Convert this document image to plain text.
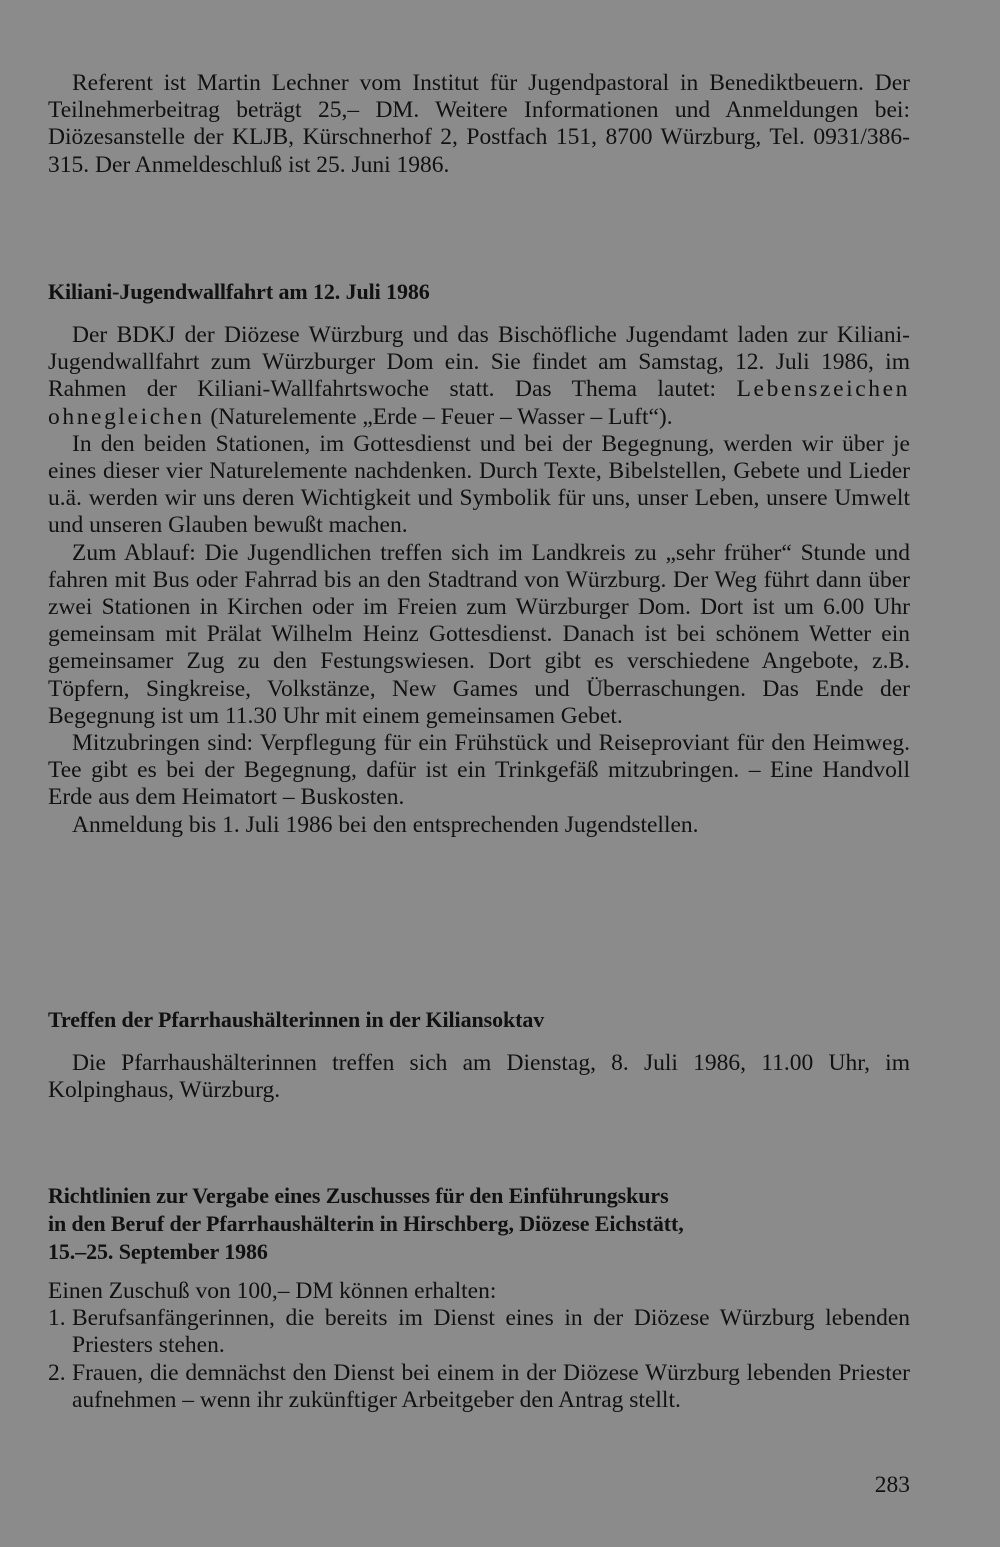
Referent ist Martin Lechner vom Institut für Jugendpastoral in Benediktbeuern. Der Teilnehmerbeitrag beträgt 25,– DM. Weitere Informationen und Anmeldungen bei: Diözesanstelle der KLJB, Kürschnerhof 2, Postfach 151, 8700 Würzburg, Tel. 0931/386-315. Der Anmeldeschluß ist 25. Juni 1986.

Kiliani-Jugendwallfahrt am 12. Juli 1986

Der BDKJ der Diözese Würzburg und das Bischöfliche Jugendamt laden zur Kiliani-Jugendwallfahrt zum Würzburger Dom ein. Sie findet am Samstag, 12. Juli 1986, im Rahmen der Kiliani-Wallfahrtswoche statt. Das Thema lautet: Lebenszeichen ohnegleichen (Naturelemente „Erde – Feuer – Wasser – Luft“).

In den beiden Stationen, im Gottesdienst und bei der Begegnung, werden wir über je eines dieser vier Naturelemente nachdenken. Durch Texte, Bibelstellen, Gebete und Lieder u.ä. werden wir uns deren Wichtigkeit und Symbolik für uns, unser Leben, unsere Umwelt und unseren Glauben bewußt machen.

Zum Ablauf: Die Jugendlichen treffen sich im Landkreis zu „sehr früher“ Stunde und fahren mit Bus oder Fahrrad bis an den Stadtrand von Würzburg. Der Weg führt dann über zwei Stationen in Kirchen oder im Freien zum Würzburger Dom. Dort ist um 6.00 Uhr gemeinsam mit Prälat Wilhelm Heinz Gottesdienst. Danach ist bei schönem Wetter ein gemeinsamer Zug zu den Festungswiesen. Dort gibt es verschiedene Angebote, z.B. Töpfern, Singkreise, Volkstänze, New Games und Überraschungen. Das Ende der Begegnung ist um 11.30 Uhr mit einem gemeinsamen Gebet.

Mitzubringen sind: Verpflegung für ein Frühstück und Reiseproviant für den Heimweg. Tee gibt es bei der Begegnung, dafür ist ein Trinkgefäß mitzubringen. – Eine Handvoll Erde aus dem Heimatort – Buskosten.

Anmeldung bis 1. Juli 1986 bei den entsprechenden Jugendstellen.

Treffen der Pfarrhaushälterinnen in der Kiliansoktav

Die Pfarrhaushälterinnen treffen sich am Dienstag, 8. Juli 1986, 11.00 Uhr, im Kolpinghaus, Würzburg.

Richtlinien zur Vergabe eines Zuschusses für den Einführungskurs
in den Beruf der Pfarrhaushälterin in Hirschberg, Diözese Eichstätt,
15.–25. September 1986

Einen Zuschuß von 100,– DM können erhalten:

1. Berufsanfängerinnen, die bereits im Dienst eines in der Diözese Würzburg lebenden Priesters stehen.
2. Frauen, die demnächst den Dienst bei einem in der Diözese Würzburg lebenden Priester aufnehmen – wenn ihr zukünftiger Arbeitgeber den Antrag stellt.
283
